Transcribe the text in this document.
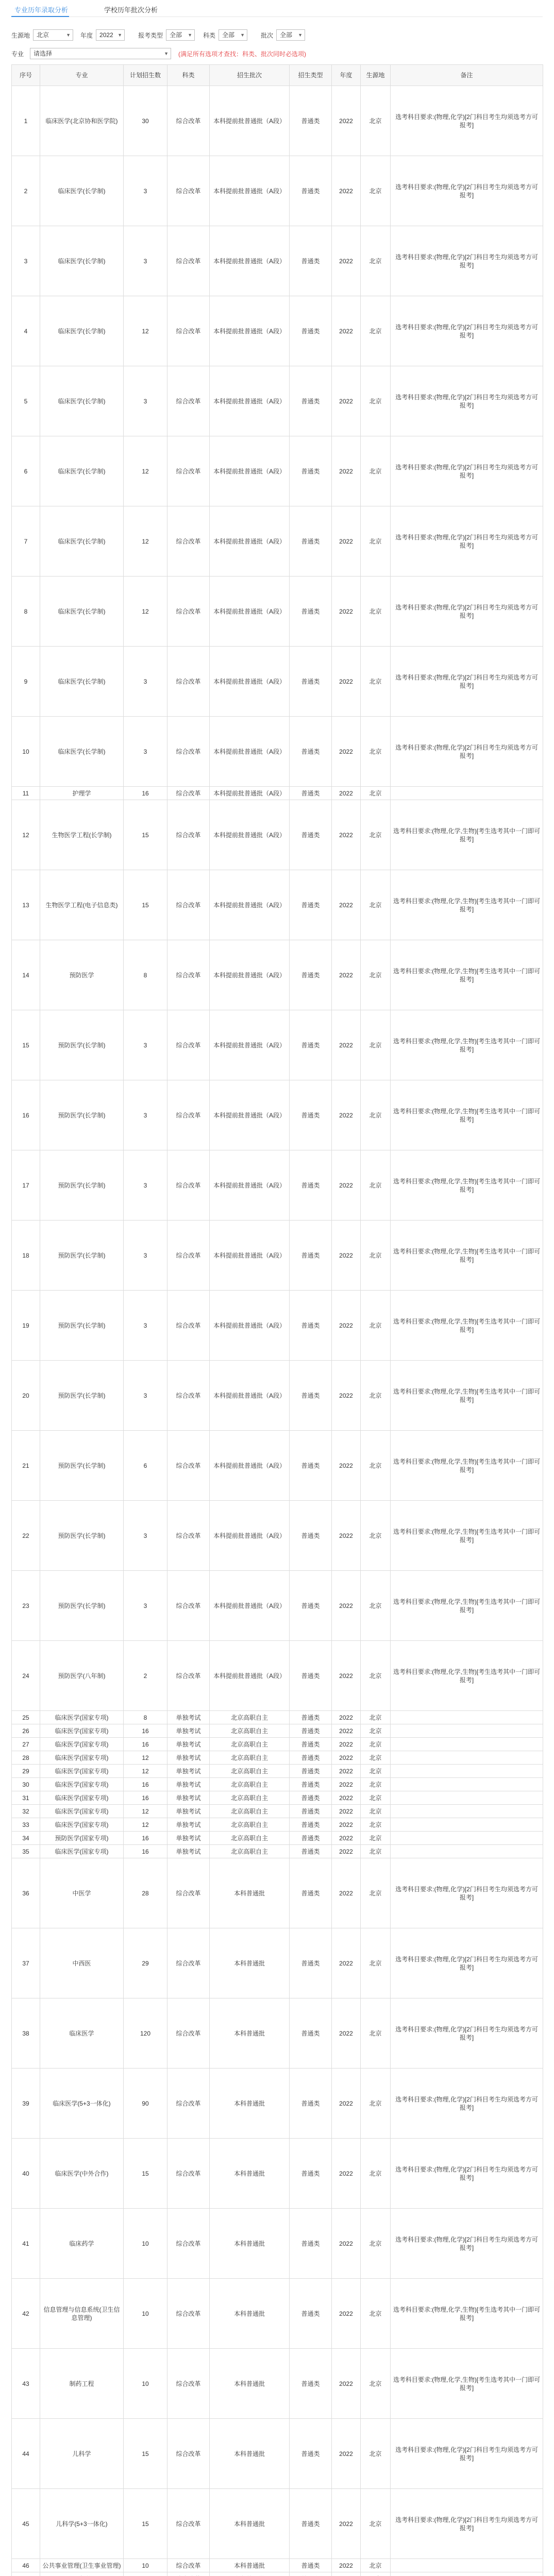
专业历年录取分析	学校历年批次分析
生源地	北京	▼ 年度	2022 ▼	报考类型	全部 ▼ 科类	全部 ▼	批次	全部 ▼
专业	请选择	▼ (满足所有选项才查找：科类、批次同时必选项)
序号	专业	计划招生数	科类	招生批次	招生类型	年度	生源地	备注
1	临床医学(北京协和医学院)	30	综合改革	本科提前批普通批（A段）	普通类	2022	北京	选考科目要求:(物理,化学)[2门科目考生均须选考方可报考]
2	临床医学(长学制)	3	综合改革	本科提前批普通批（A段）	普通类	2022	北京	选考科目要求:(物理,化学)[2门科目考生均须选考方可报考]
3	临床医学(长学制)	3	综合改革	本科提前批普通批（A段）	普通类	2022	北京	选考科目要求:(物理,化学)[2门科目考生均须选考方可报考]
4	临床医学(长学制)	12	综合改革	本科提前批普通批（A段）	普通类	2022	北京	选考科目要求:(物理,化学)[2门科目考生均须选考方可报考]
5	临床医学(长学制)	3	综合改革	本科提前批普通批（A段）	普通类	2022	北京	选考科目要求:(物理,化学)[2门科目考生均须选考方可报考]
6	临床医学(长学制)	12	综合改革	本科提前批普通批（A段）	普通类	2022	北京	选考科目要求:(物理,化学)[2门科目考生均须选考方可报考]
7	临床医学(长学制)	12	综合改革	本科提前批普通批（A段）	普通类	2022	北京	选考科目要求:(物理,化学)[2门科目考生均须选考方可报考]
8	临床医学(长学制)	12	综合改革	本科提前批普通批（A段）	普通类	2022	北京	选考科目要求:(物理,化学)[2门科目考生均须选考方可报考]
9	临床医学(长学制)	3	综合改革	本科提前批普通批（A段）	普通类	2022	北京	选考科目要求:(物理,化学)[2门科目考生均须选考方可报考]
10	临床医学(长学制)	3	综合改革	本科提前批普通批（A段）	普通类	2022	北京	选考科目要求:(物理,化学)[2门科目考生均须选考方可报考]
11	护理学	16	综合改革	本科提前批普通批（A段）	普通类	2022	北京	
12	生物医学工程(长学制)	15	综合改革	本科提前批普通批（A段）	普通类	2022	北京	选考科目要求:(物理,化学,生物)[考生选考其中一门即可报考]
13	生物医学工程(电子信息类)	15	综合改革	本科提前批普通批（A段）	普通类	2022	北京	选考科目要求:(物理,化学,生物)[考生选考其中一门即可报考]
14	预防医学	8	综合改革	本科提前批普通批（A段）	普通类	2022	北京	选考科目要求:(物理,化学,生物)[考生选考其中一门即可报考]
15	预防医学(长学制)	3	综合改革	本科提前批普通批（A段）	普通类	2022	北京	选考科目要求:(物理,化学,生物)[考生选考其中一门即可报考]
16	预防医学(长学制)	3	综合改革	本科提前批普通批（A段）	普通类	2022	北京	选考科目要求:(物理,化学,生物)[考生选考其中一门即可报考]
17	预防医学(长学制)	3	综合改革	本科提前批普通批（A段）	普通类	2022	北京	选考科目要求:(物理,化学,生物)[考生选考其中一门即可报考]
18	预防医学(长学制)	3	综合改革	本科提前批普通批（A段）	普通类	2022	北京	选考科目要求:(物理,化学,生物)[考生选考其中一门即可报考]
19	预防医学(长学制)	3	综合改革	本科提前批普通批（A段）	普通类	2022	北京	选考科目要求:(物理,化学,生物)[考生选考其中一门即可报考]
20	预防医学(长学制)	3	综合改革	本科提前批普通批（A段）	普通类	2022	北京	选考科目要求:(物理,化学,生物)[考生选考其中一门即可报考]
21	预防医学(长学制)	6	综合改革	本科提前批普通批（A段）	普通类	2022	北京	选考科目要求:(物理,化学,生物)[考生选考其中一门即可报考]
22	预防医学(长学制)	3	综合改革	本科提前批普通批（A段）	普通类	2022	北京	选考科目要求:(物理,化学,生物)[考生选考其中一门即可报考]
23	预防医学(长学制)	3	综合改革	本科提前批普通批（A段）	普通类	2022	北京	选考科目要求:(物理,化学,生物)[考生选考其中一门即可报考]
24	预防医学(八年制)	2	综合改革	本科提前批普通批（A段）	普通类	2022	北京	选考科目要求:(物理,化学,生物)[考生选考其中一门即可报考]
25	临床医学(国家专项)	8	单独考试	北京高职自主	普通类	2022	北京	
26	临床医学(国家专项)	16	单独考试	北京高职自主	普通类	2022	北京	
27	临床医学(国家专项)	16	单独考试	北京高职自主	普通类	2022	北京	
28	临床医学(国家专项)	12	单独考试	北京高职自主	普通类	2022	北京	
29	临床医学(国家专项)	12	单独考试	北京高职自主	普通类	2022	北京	
30	临床医学(国家专项)	16	单独考试	北京高职自主	普通类	2022	北京	
31	临床医学(国家专项)	16	单独考试	北京高职自主	普通类	2022	北京	
32	临床医学(国家专项)	12	单独考试	北京高职自主	普通类	2022	北京	
33	临床医学(国家专项)	12	单独考试	北京高职自主	普通类	2022	北京	
34	预防医学(国家专项)	16	单独考试	北京高职自主	普通类	2022	北京	
35	临床医学(国家专项)	16	单独考试	北京高职自主	普通类	2022	北京	
36	中医学	28	综合改革	本科普通批	普通类	2022	北京	选考科目要求:(物理,化学)[2门科目考生均须选考方可报考]
37	中西医	29	综合改革	本科普通批	普通类	2022	北京	选考科目要求:(物理,化学)[2门科目考生均须选考方可报考]
38	临床医学	120	综合改革	本科普通批	普通类	2022	北京	选考科目要求:(物理,化学)[2门科目考生均须选考方可报考]
39	临床医学(5+3一体化)	90	综合改革	本科普通批	普通类	2022	北京	选考科目要求:(物理,化学)[2门科目考生均须选考方可报考]
40	临床医学(中外合作)	15	综合改革	本科普通批	普通类	2022	北京	选考科目要求:(物理,化学)[2门科目考生均须选考方可报考]
41	临床药学	10	综合改革	本科普通批	普通类	2022	北京	选考科目要求:(物理,化学)[2门科目考生均须选考方可报考]
42	信息管理与信息系统(卫生信息管理)	10	综合改革	本科普通批	普通类	2022	北京	选考科目要求:(物理,化学,生物)[考生选考其中一门即可报考]
43	制药工程	10	综合改革	本科普通批	普通类	2022	北京	选考科目要求:(物理,化学,生物)[考生选考其中一门即可报考]
44	儿科学	15	综合改革	本科普通批	普通类	2022	北京	选考科目要求:(物理,化学)[2门科目考生均须选考方可报考]
45	儿科学(5+3一体化)	15	综合改革	本科普通批	普通类	2022	北京	选考科目要求:(物理,化学)[2门科目考生均须选考方可报考]
46	公共事业管理(卫生事业管理)	10	综合改革	本科普通批	普通类	2022	北京	
